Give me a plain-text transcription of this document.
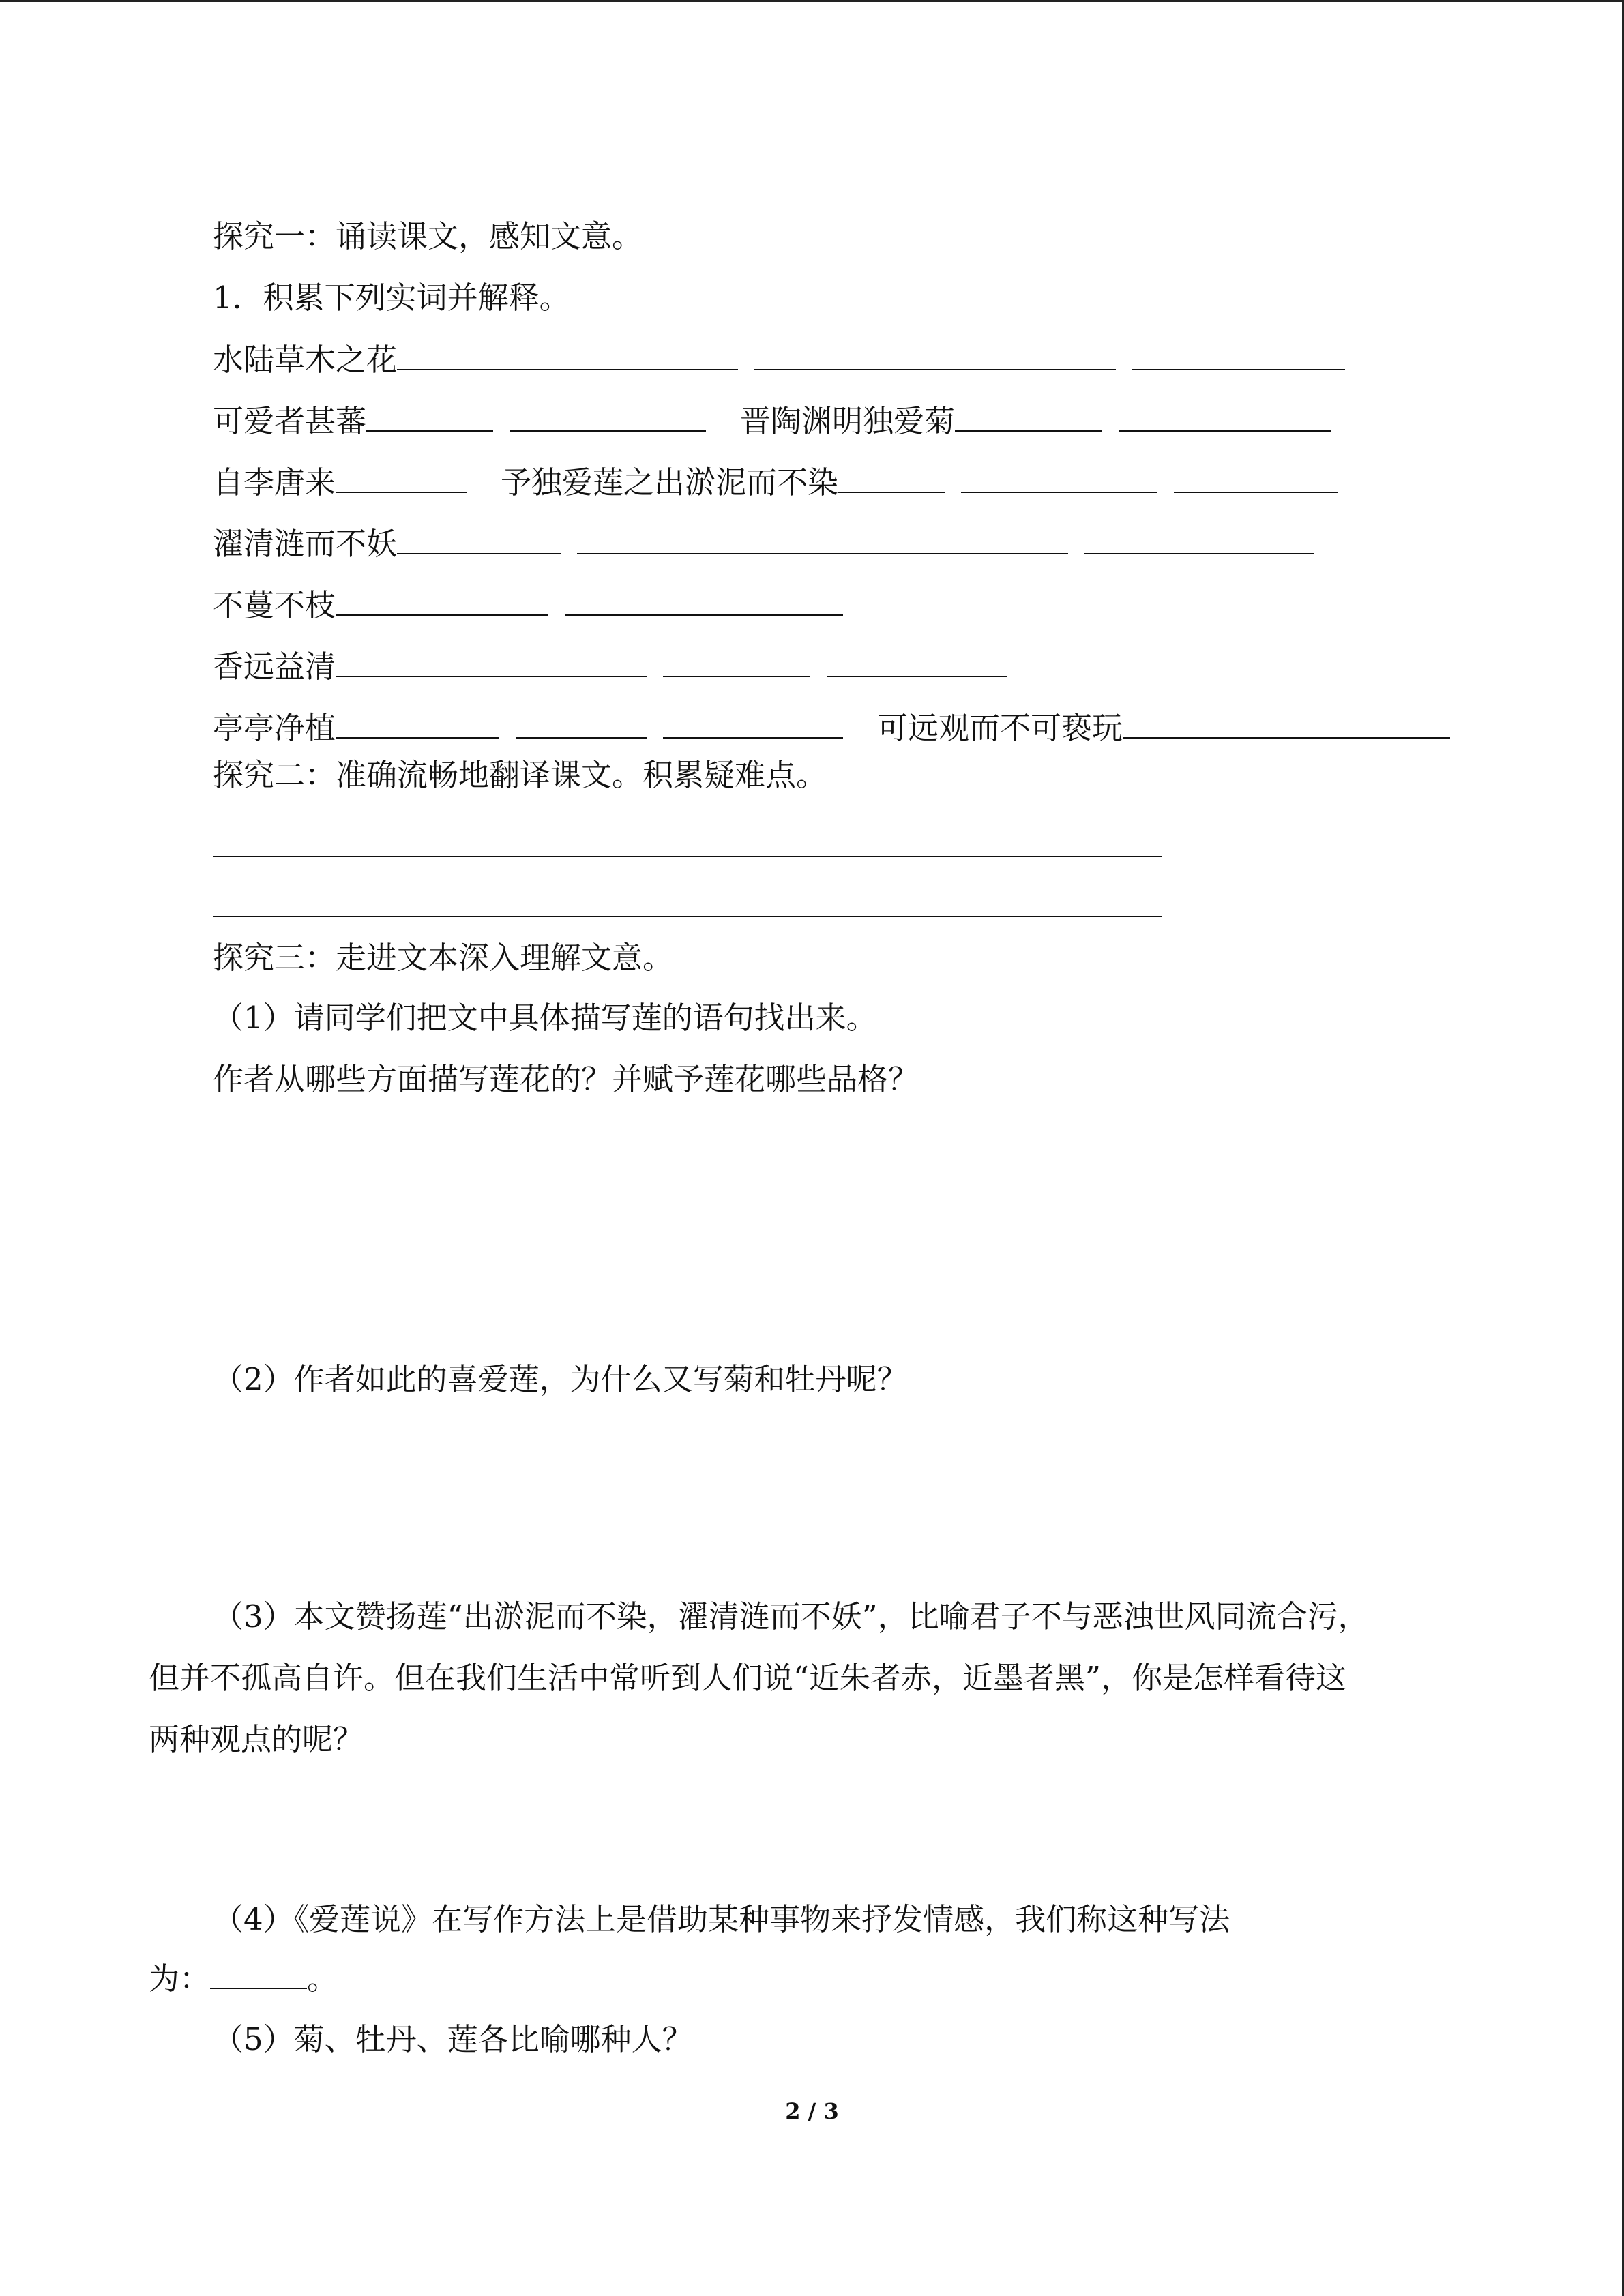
探究一：诵读课文，感知文意。
1．积累下列实词并解释。
水陆草木之花
可爱者甚蕃	晋陶渊明独爱菊
自李唐来	予独爱莲之出淤泥而不染
濯清涟而不妖
不蔓不枝
香远益清
亭亭净植	可远观而不可亵玩
探究二：准确流畅地翻译课文。积累疑难点。
探究三：走进文本深入理解文意。
（1）请同学们把文中具体描写莲的语句找出来。
作者从哪些方面描写莲花的？并赋予莲花哪些品格？
（2）作者如此的喜爱莲，为什么又写菊和牡丹呢？
（3）本文赞扬莲“出淤泥而不染，濯清涟而不妖”，比喻君子不与恶浊世风同流合污，
但并不孤高自许。但在我们生活中常听到人们说“近朱者赤，近墨者黑”，你是怎样看待这
两种观点的呢？
（4）《爱莲说》在写作方法上是借助某种事物来抒发情感，我们称这种写法
为：	。
（5）菊、牡丹、莲各比喻哪种人？
2 / 3
